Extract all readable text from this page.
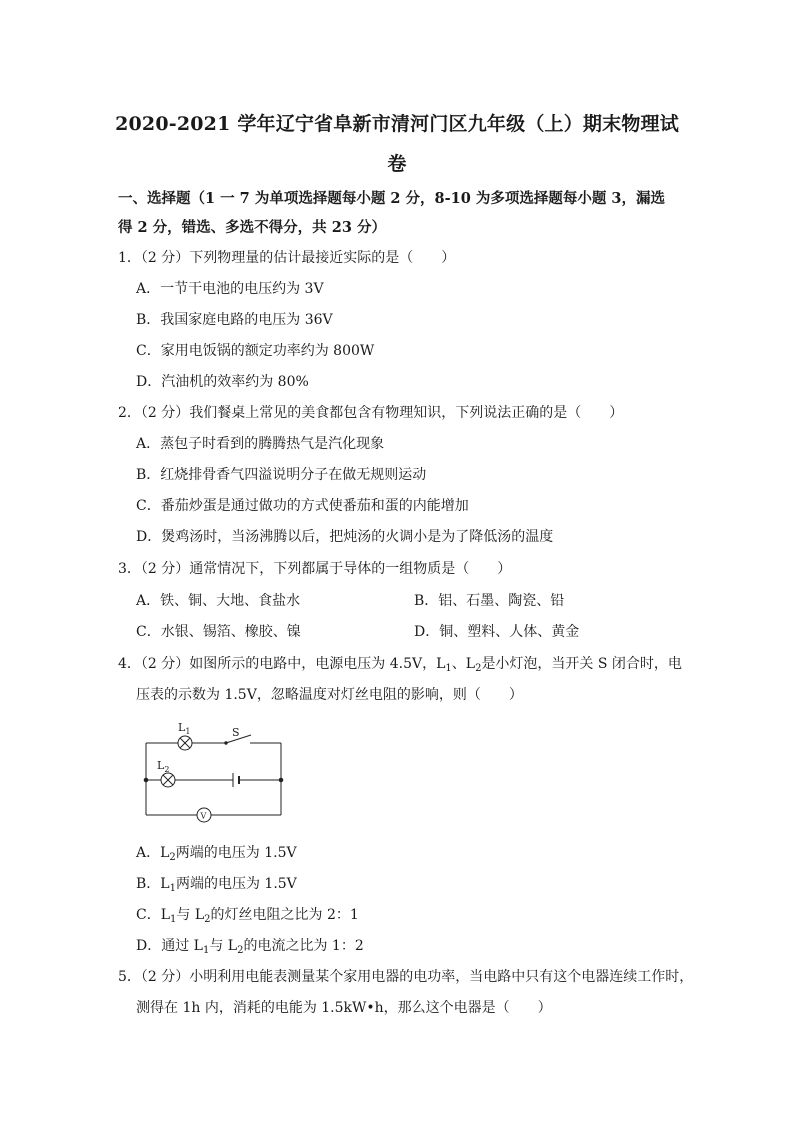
2020-2021 学年辽宁省阜新市清河门区九年级（上）期末物理试
卷
一、选择题（1 一 7 为单项选择题每小题 2 分，8-10 为多项选择题每小题 3，漏选得 2 分，错选、多选不得分，共 23 分）
1．（2 分）下列物理量的估计最接近实际的是（　　）
A．一节干电池的电压约为 3V
B．我国家庭电路的电压为 36V
C．家用电饭锅的额定功率约为 800W
D．汽油机的效率约为 80%
2．（2 分）我们餐桌上常见的美食都包含有物理知识，下列说法正确的是（　　）
A．蒸包子时看到的腾腾热气是汽化现象
B．红烧排骨香气四溢说明分子在做无规则运动
C．番茄炒蛋是通过做功的方式使番茄和蛋的内能增加
D．煲鸡汤时，当汤沸腾以后，把炖汤的火调小是为了降低汤的温度
3．（2 分）通常情况下，下列都属于导体的一组物质是（　　）
A．铁、铜、大地、食盐水	B．铝、石墨、陶瓷、铅
C．水银、锡箔、橡胶、镍	D．铜、塑料、人体、黄金
4．（2 分）如图所示的电路中，电源电压为 4.5V，$L_1$、$L_2$是小灯泡，当开关 S 闭合时，电
压表的示数为 1.5V，忽略温度对灯丝电阻的影响，则（　　）
$L_1$	S
$L_2$
V
A．$L_2$两端的电压为 1.5V
B．$L_1$两端的电压为 1.5V
C．$L_1$与 $L_2$的灯丝电阻之比为 2：1
D．通过 $L_1$与 $L_2$的电流之比为 1：2
5．（2 分）小明利用电能表测量某个家用电器的电功率，当电路中只有这个电器连续工作时，
测得在 1h 内，消耗的电能为 1.5kW•h，那么这个电器是（　　）
